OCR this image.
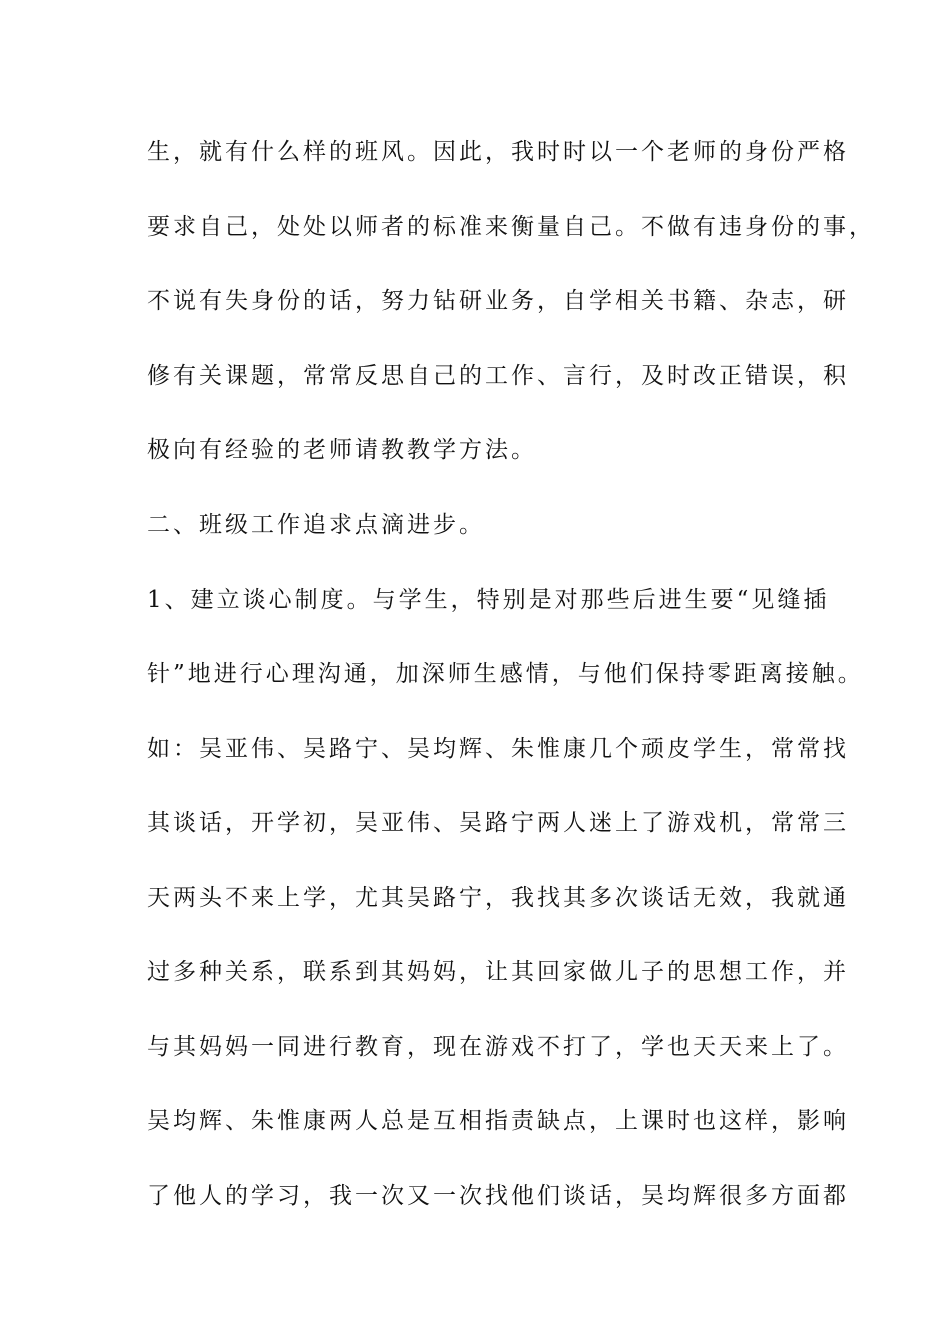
生，就有什么样的班风。因此，我时时以一个老师的身份严格
要求自己，处处以师者的标准来衡量自己。不做有违身份的事，
不说有失身份的话，努力钻研业务，自学相关书籍、杂志，研
修有关课题，常常反思自己的工作、言行，及时改正错误，积
极向有经验的老师请教教学方法。
二、班级工作追求点滴进步。
1、建立谈心制度。与学生，特别是对那些后进生要“见缝插
针”地进行心理沟通，加深师生感情，与他们保持零距离接触。
如：吴亚伟、吴路宁、吴均辉、朱惟康几个顽皮学生，常常找
其谈话，开学初，吴亚伟、吴路宁两人迷上了游戏机，常常三
天两头不来上学，尤其吴路宁，我找其多次谈话无效，我就通
过多种关系，联系到其妈妈，让其回家做儿子的思想工作，并
与其妈妈一同进行教育，现在游戏不打了，学也天天来上了。
吴均辉、朱惟康两人总是互相指责缺点，上课时也这样，影响
了他人的学习，我一次又一次找他们谈话，吴均辉很多方面都
